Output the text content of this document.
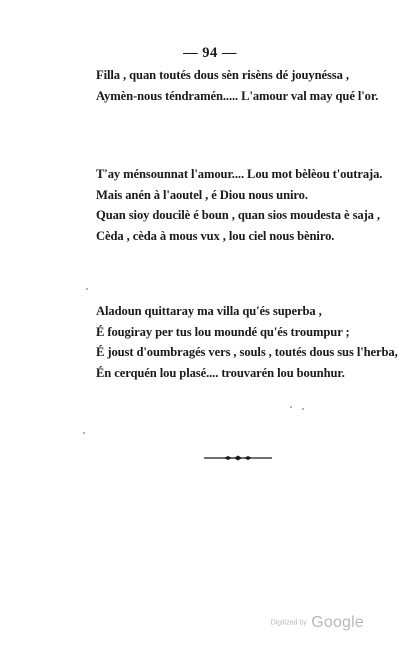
— 94 —
Filla , quan toutés dous sèn risèns dé jouynéssa ,
Aymèn-nous téndramén..... L'amour val may qué l'or.
T'ay ménsounnat l'amour.... Lou mot bèlèou t'outraja.
Mais anén à l'aoutel , é Diou nous uniro.
Quan sioy doucilè é boun , quan sios moudesta è saja ,
Cèda , cèda à mous vux , lou ciel nous bèniro.
Aladoun quittaray ma villa qu'és superba ,
É fougiray per tus lou moundé qu'és troumpur ;
É joust d'oumbragés vers , souls , toutés dous sus l'herba,
Én cerquén lou plasé.... trouvarén lou bounhur.
Digitized by Google
